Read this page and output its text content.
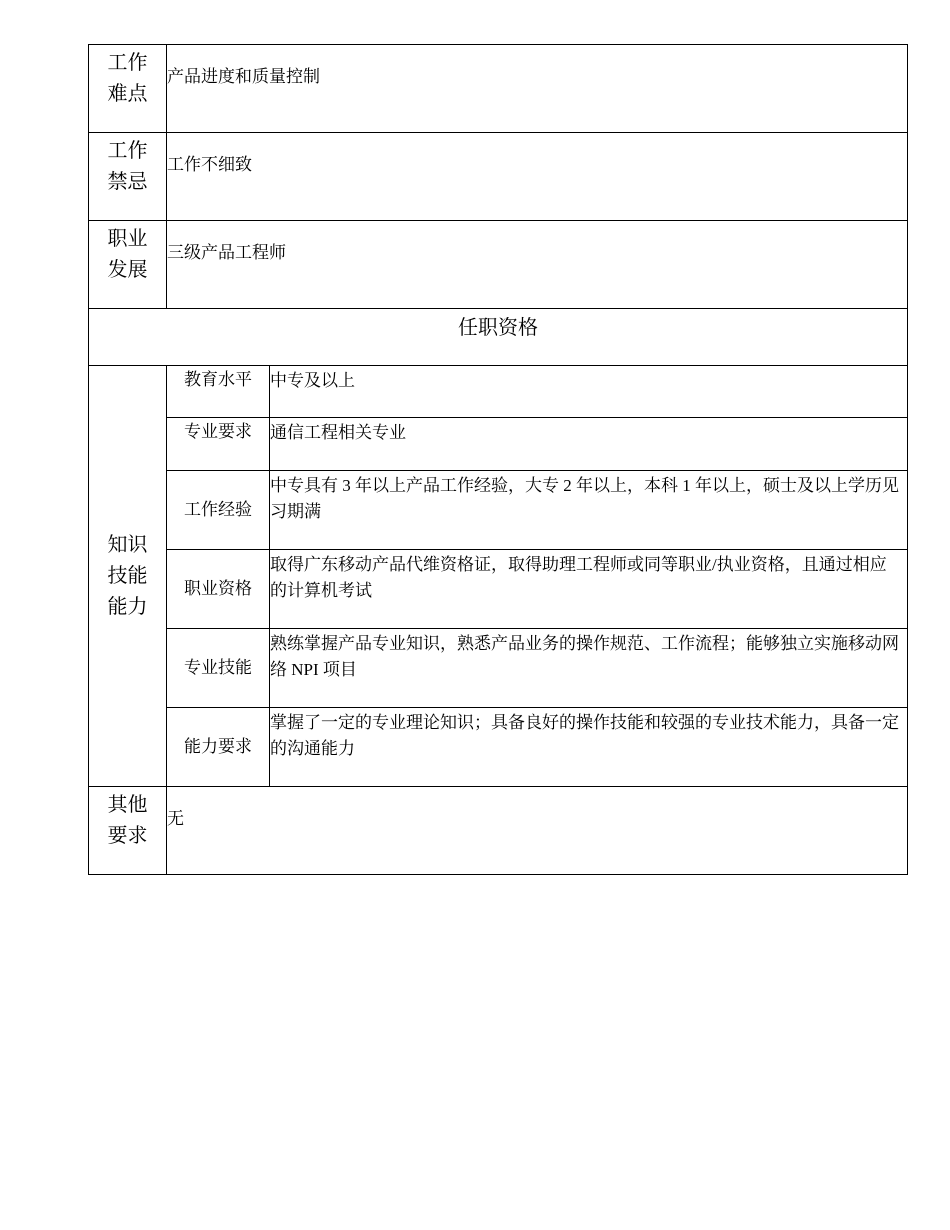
工作
难点	产品进度和质量控制	

工作
禁忌	工作不细致	

职业
发展	三级产品工程师	
任职资格		

知识
技能
能力	教育水平	中专及以上
	专业要求	通信工程相关专业
	工作经验	中专具有 3 年以上产品工作经验，大专 2 年以上，本科 1 年以上，硕士及以上学历见习期满
	职业资格	取得广东移动产品代维资格证，取得助理工程师或同等职业/执业资格，且通过相应的计算机考试
	专业技能	熟练掌握产品专业知识，熟悉产品业务的操作规范、工作流程；能够独立实施移动网络 NPI 项目
	能力要求	掌握了一定的专业理论知识；具备良好的操作技能和较强的专业技术能力，具备一定的沟通能力

其他
要求	无	
